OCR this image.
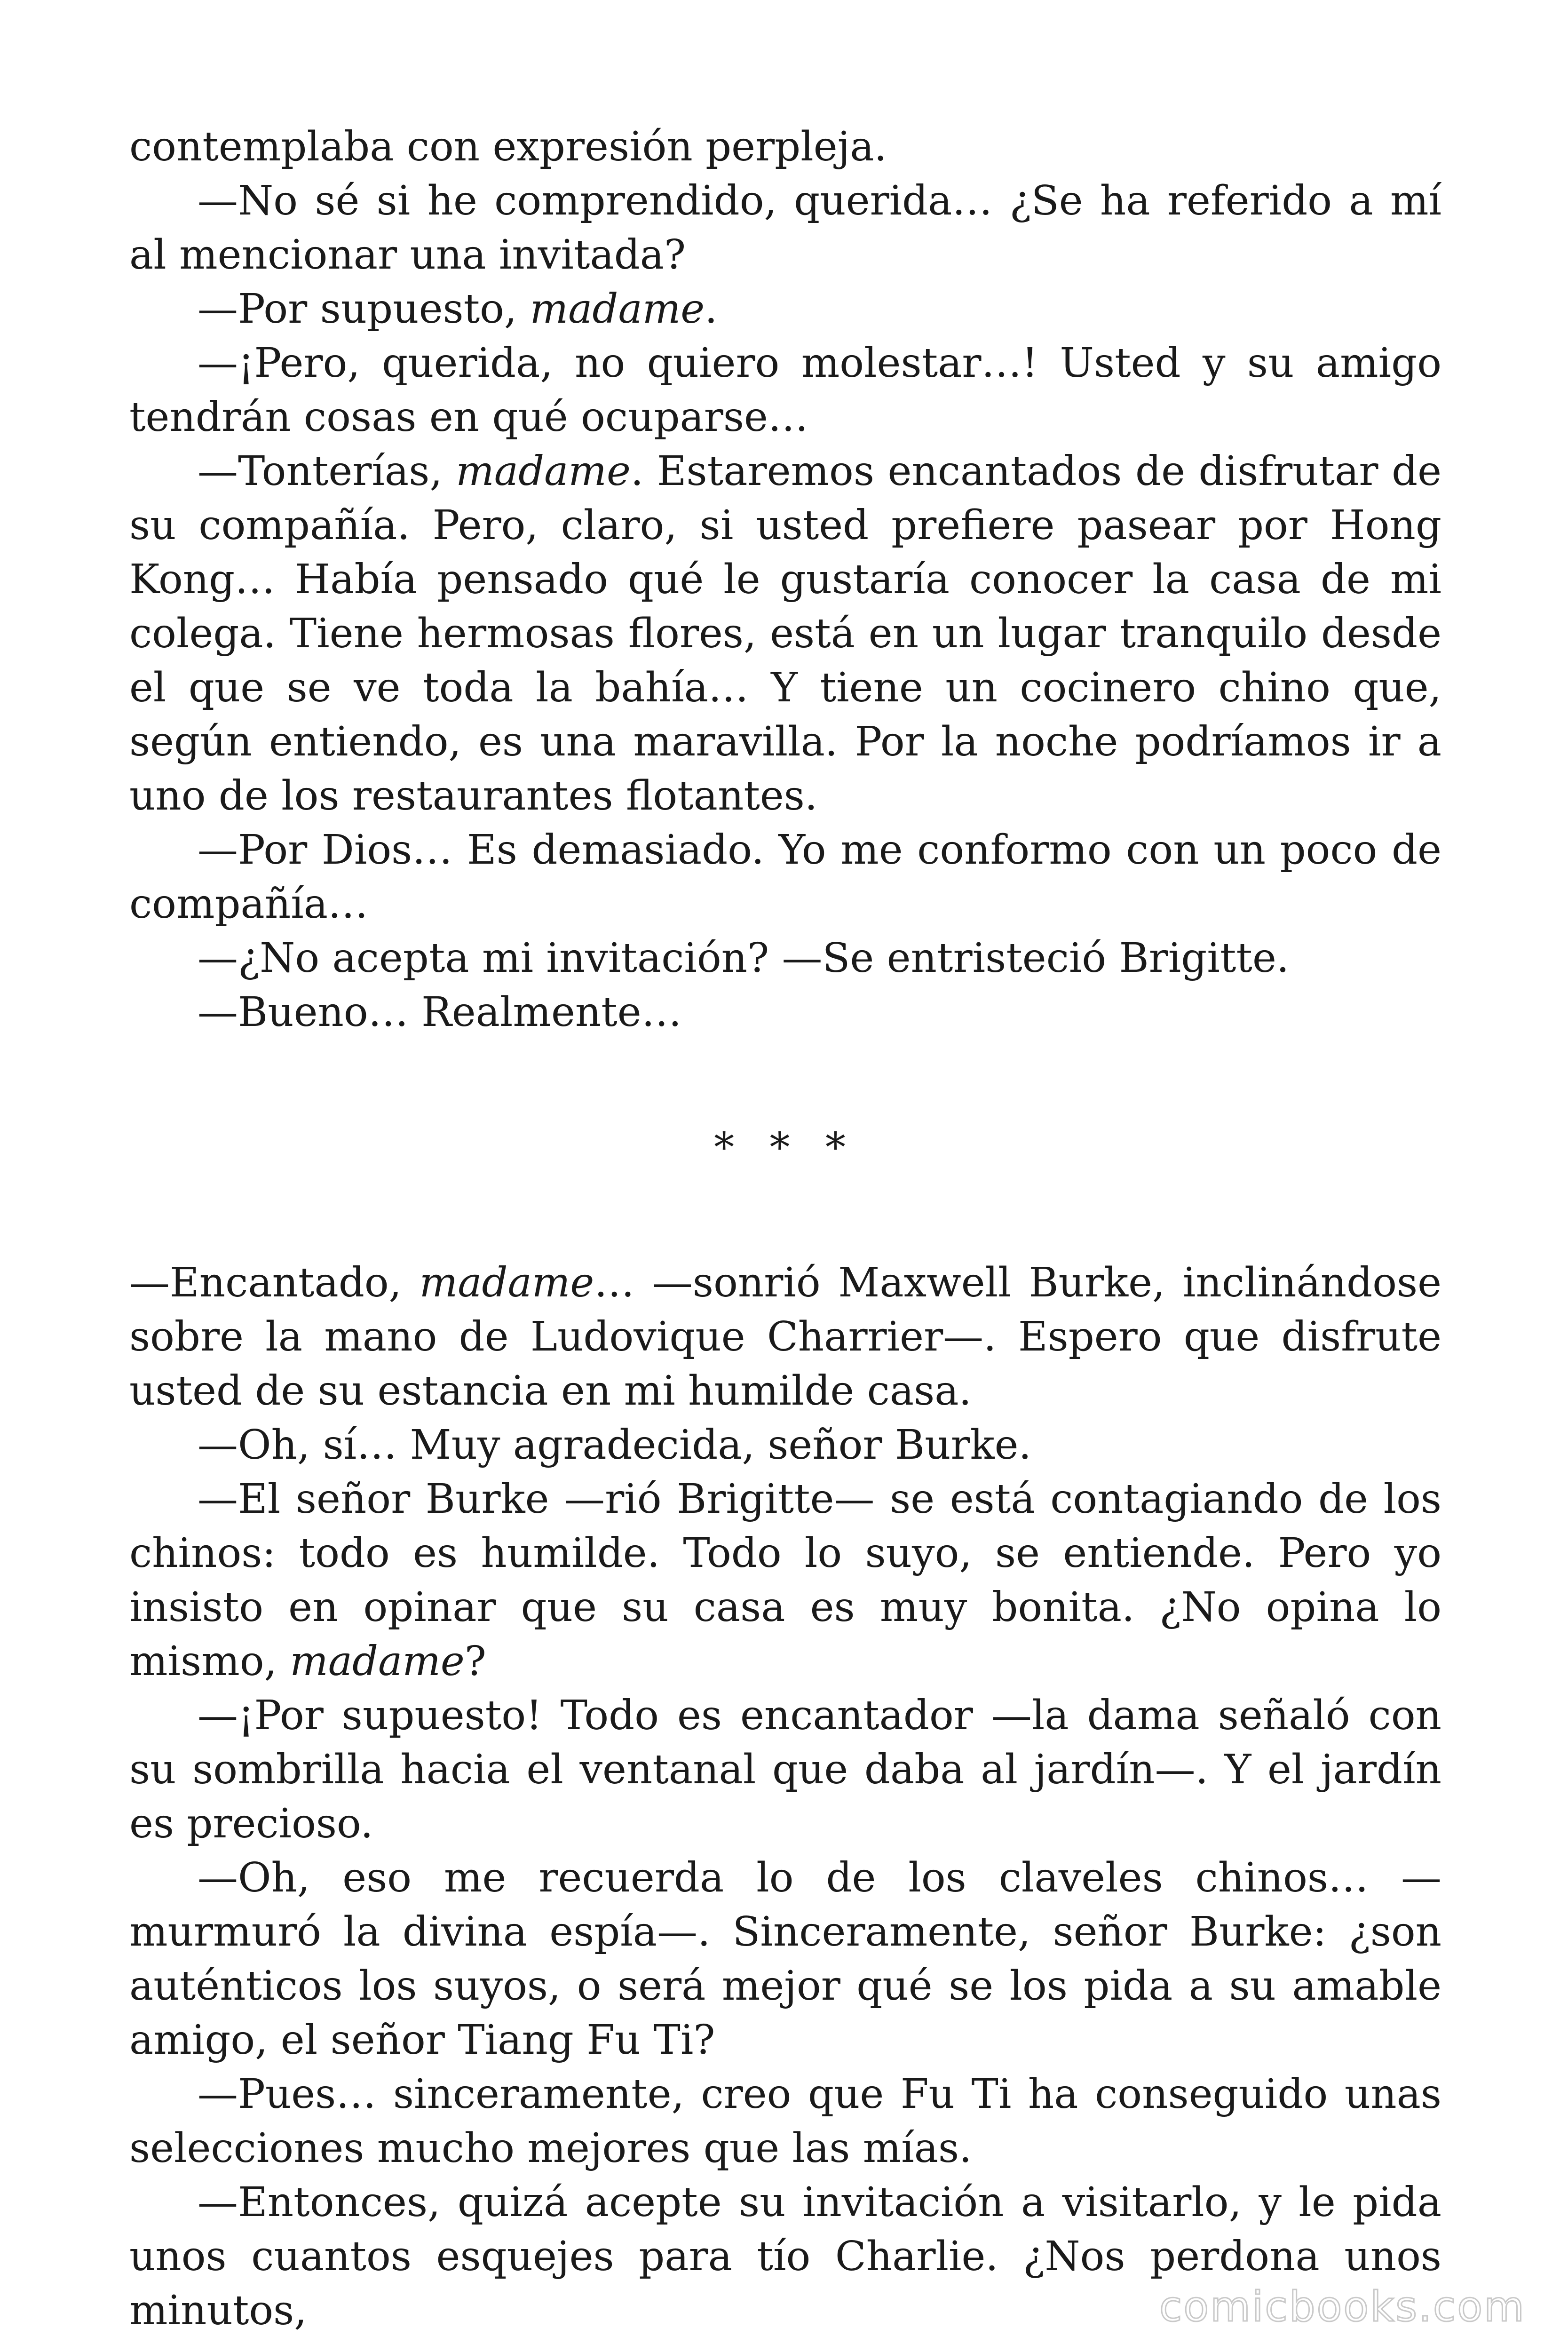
contemplaba con expresión perpleja.

—No sé si he comprendido, querida… ¿Se ha referido a mí al mencionar una invitada?

—Por supuesto, madame.

—¡Pero, querida, no quiero molestar…! Usted y su amigo tendrán cosas en qué ocuparse…

—Tonterías, madame. Estaremos encantados de disfrutar de su compañía. Pero, claro, si usted prefiere pasear por Hong Kong… Había pensado qué le gustaría conocer la casa de mi colega. Tiene hermosas flores, está en un lugar tranquilo desde el que se ve toda la bahía… Y tiene un cocinero chino que, según entiendo, es una maravilla. Por la noche podríamos ir a uno de los restaurantes flotantes.

—Por Dios… Es demasiado. Yo me conformo con un poco de compañía…

—¿No acepta mi invitación? —Se entristeció Brigitte.

—Bueno… Realmente…

* * *

—Encantado, madame… —sonrió Maxwell Burke, inclinándose sobre la mano de Ludovique Charrier—. Espero que disfrute usted de su estancia en mi humilde casa.

—Oh, sí… Muy agradecida, señor Burke.

—El señor Burke —rió Brigitte— se está contagiando de los chinos: todo es humilde. Todo lo suyo, se entiende. Pero yo insisto en opinar que su casa es muy bonita. ¿No opina lo mismo, madame?

—¡Por supuesto! Todo es encantador —la dama señaló con su sombrilla hacia el ventanal que daba al jardín—. Y el jardín es precioso.

—Oh, eso me recuerda lo de los claveles chinos… —murmuró la divina espía—. Sinceramente, señor Burke: ¿son auténticos los suyos, o será mejor qué se los pida a su amable amigo, el señor Tiang Fu Ti?

—Pues… sinceramente, creo que Fu Ti ha conseguido unas selecciones mucho mejores que las mías.

—Entonces, quizá acepte su invitación a visitarlo, y le pida unos cuantos esquejes para tío Charlie. ¿Nos perdona unos minutos,	comicbooks.com
